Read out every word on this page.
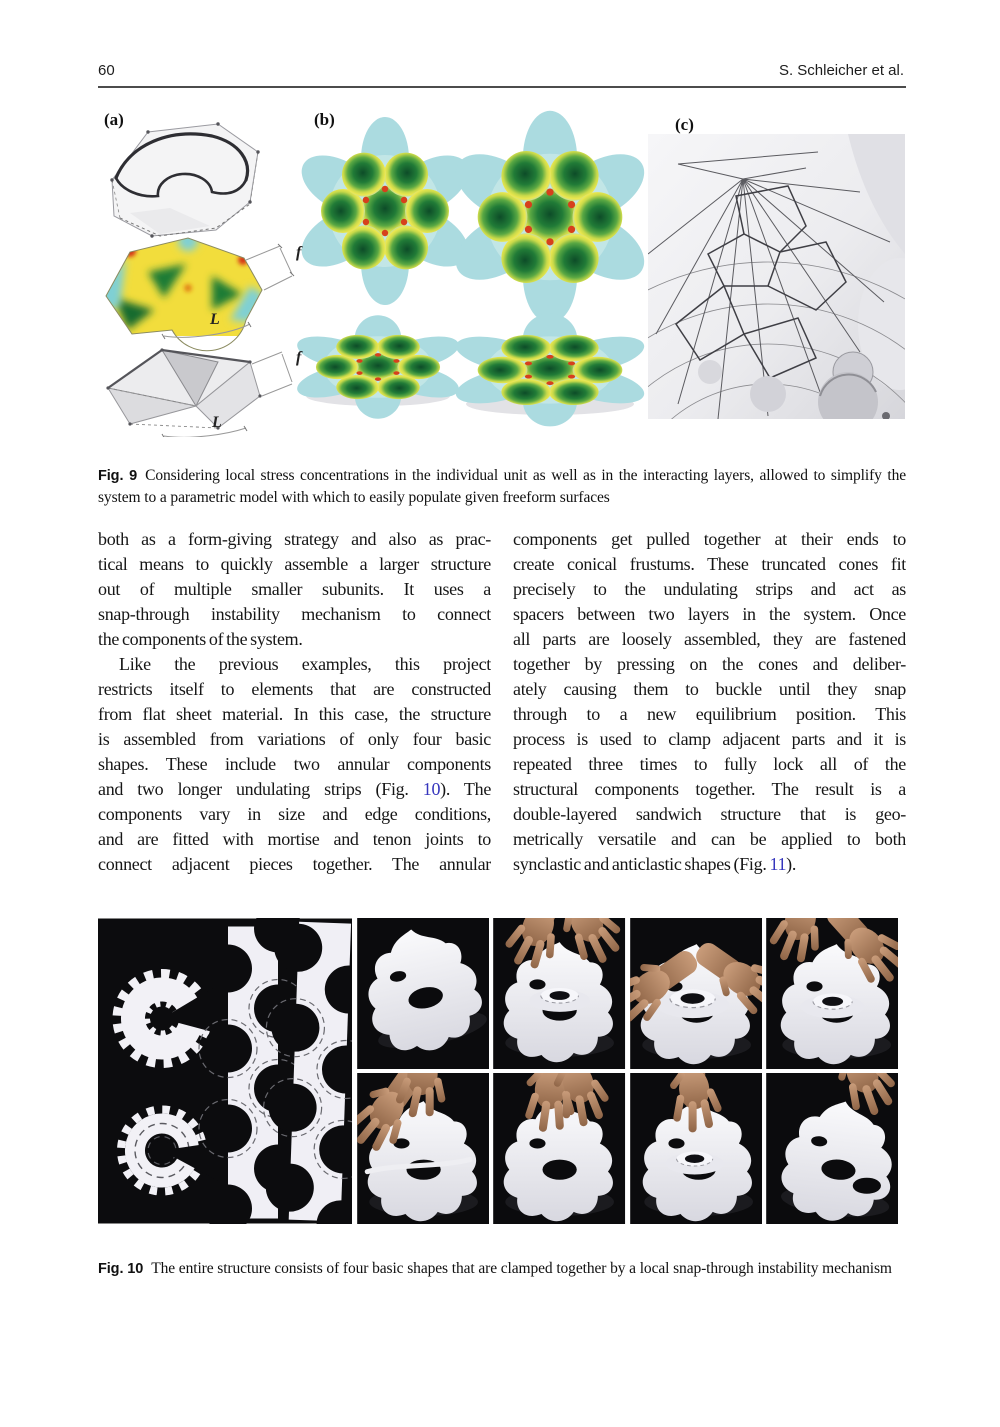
60	S. Schleicher et al.
(a)	(b)	(c)
f
L
f
L

Fig. 9 Considering local stress concentrations in the individual unit as well as in the interacting layers, allowed to simplify the system to a parametric model with which to easily populate given freeform surfaces

both as a form-giving strategy and also as prac-
tical means to quickly assemble a larger structure
out of multiple smaller subunits. It uses a
snap-through instability mechanism to connect
the components of the system.
Like the previous examples, this project
restricts itself to elements that are constructed
from flat sheet material. In this case, the structure
is assembled from variations of only four basic
shapes. These include two annular components
and two longer undulating strips (Fig. 10). The
components vary in size and edge conditions,
and are fitted with mortise and tenon joints to
connect adjacent pieces together. The annular
components get pulled together at their ends to
create conical frustums. These truncated cones fit
precisely to the undulating strips and act as
spacers between two layers in the system. Once
all parts are loosely assembled, they are fastened
together by pressing on the cones and deliber-
ately causing them to buckle until they snap
through to a new equilibrium position. This
process is used to clamp adjacent parts and it is
repeated three times to fully lock all of the
structural components together. The result is a
double-layered sandwich structure that is geo-
metrically versatile and can be applied to both
synclastic and anticlastic shapes (Fig. 11).

Fig. 10 The entire structure consists of four basic shapes that are clamped together by a local snap-through instability mechanism
